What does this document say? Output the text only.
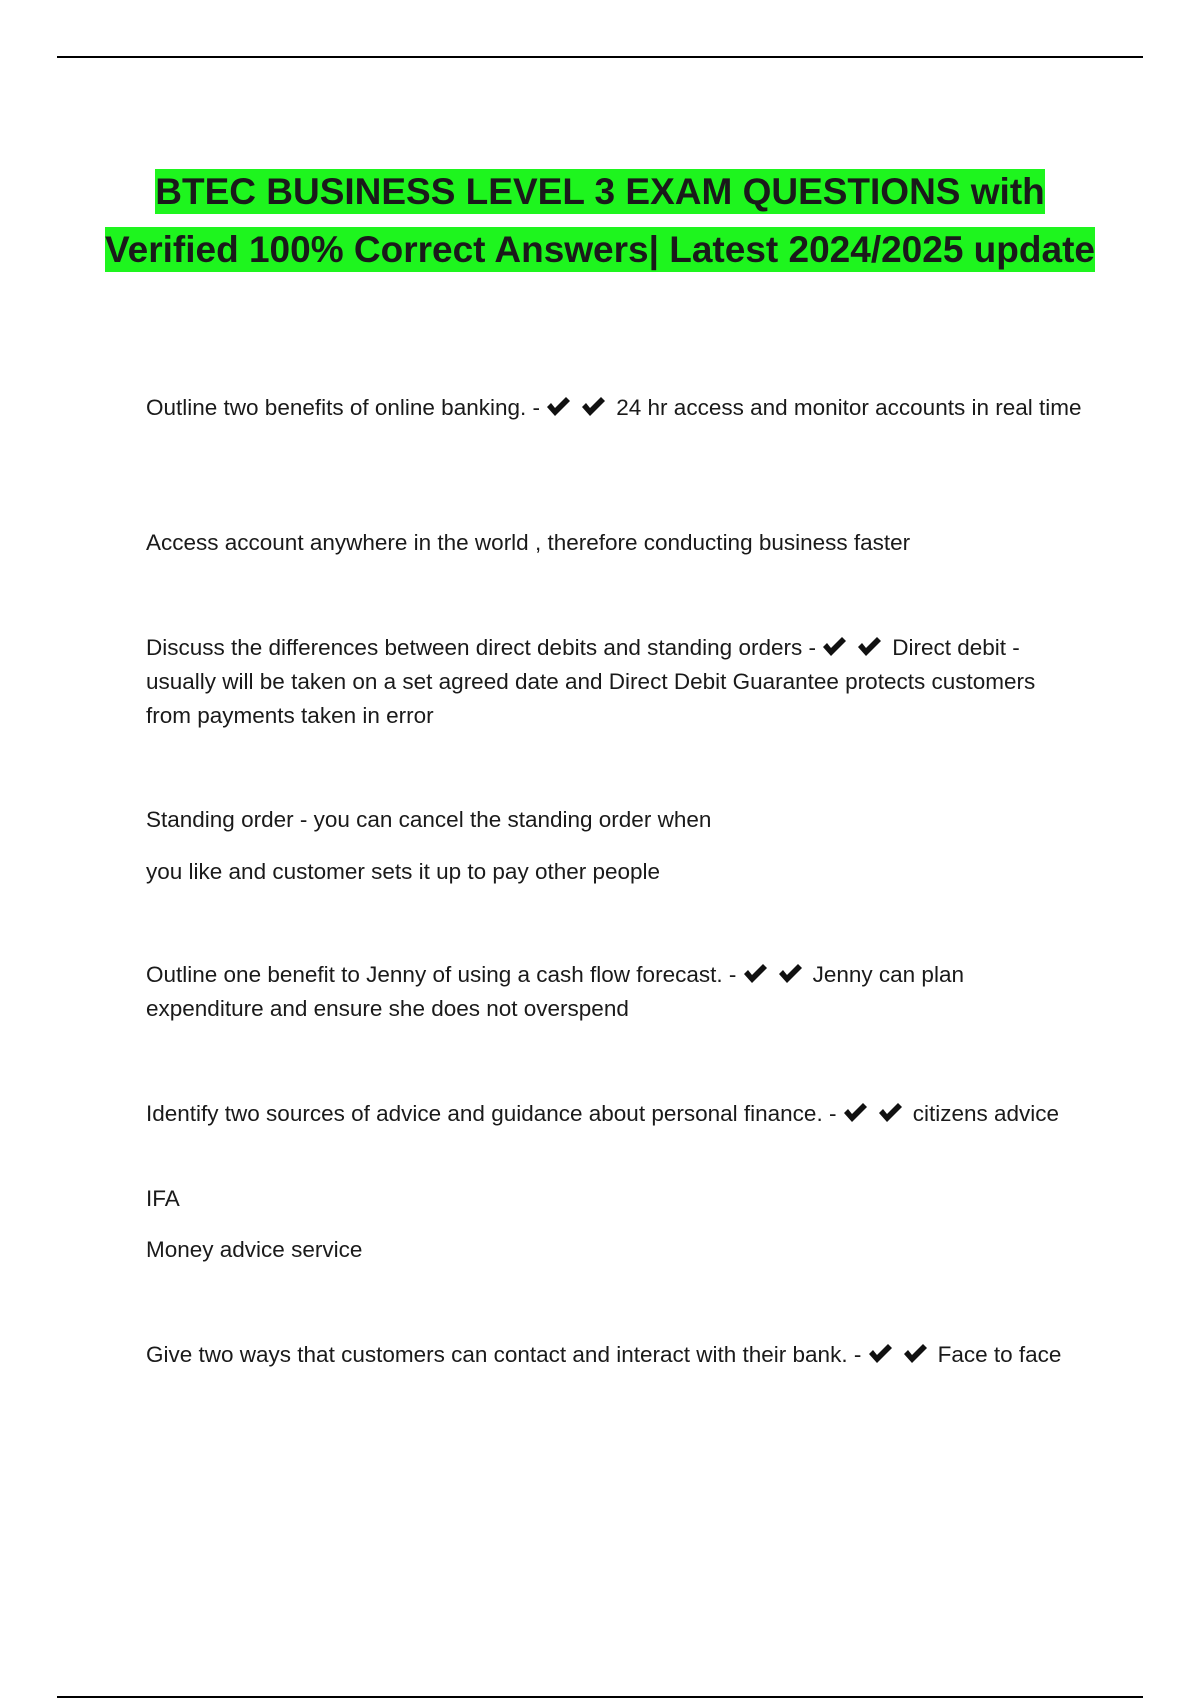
BTEC BUSINESS LEVEL 3 EXAM QUESTIONS with Verified 100% Correct Answers| Latest 2024/2025 update

Outline two benefits of online banking. -	24 hr access and monitor accounts in real time

Access account anywhere in the world , therefore conducting business faster

Discuss the differences between direct debits and standing orders -	Direct debit - usually will be taken on a set agreed date and Direct Debit Guarantee protects customers from payments taken in error

Standing order - you can cancel the standing order when

you like and customer sets it up to pay other people

Outline one benefit to Jenny of using a cash flow forecast. -	Jenny can plan expenditure and ensure she does not overspend

Identify two sources of advice and guidance about personal finance. -	citizens advice

IFA

Money advice service

Give two ways that customers can contact and interact with their bank. -	Face to face
